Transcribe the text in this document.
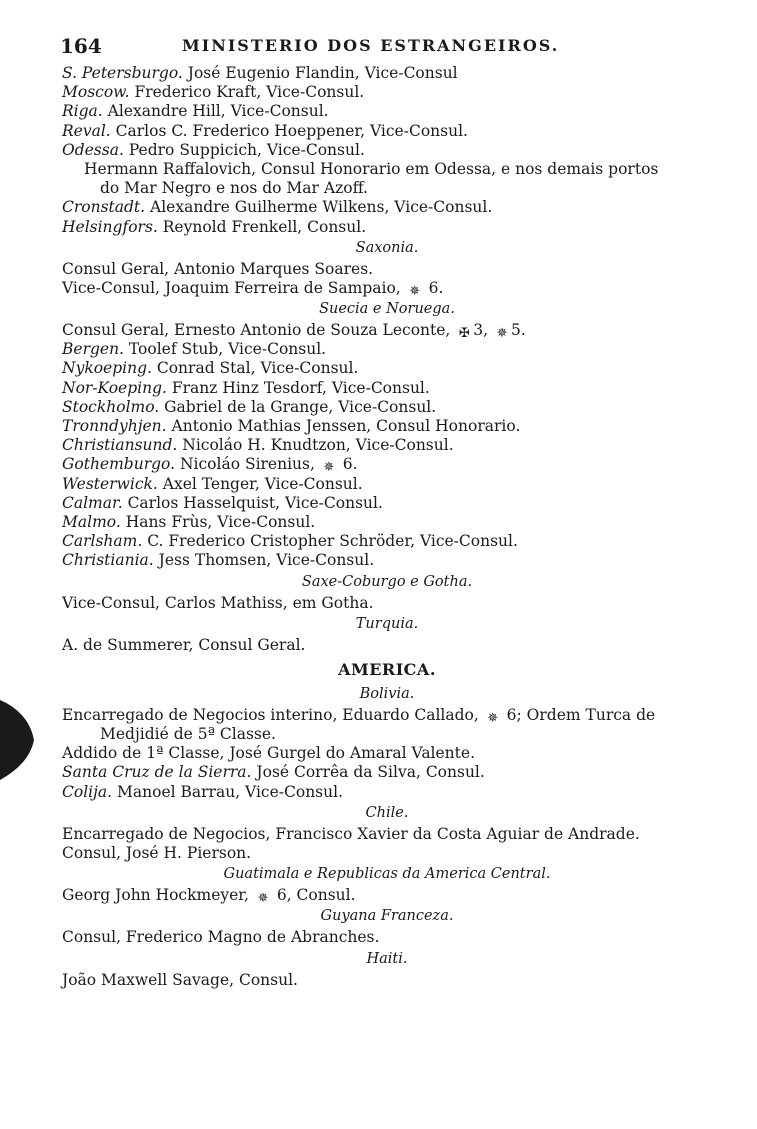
164	MINISTERIO DOS ESTRANGEIROS.
S. Petersburgo. José Eugenio Flandin, Vice-Consul
Moscow. Frederico Kraft, Vice-Consul.
Riga. Alexandre Hill, Vice-Consul.
Reval. Carlos C. Frederico Hoeppener, Vice-Consul.
Odessa. Pedro Suppicich, Vice-Consul.
Hermann Raffalovich, Consul Honorario em Odessa, e nos demais portos
do Mar Negro e nos do Mar Azoff.
Cronstadt. Alexandre Guilherme Wilkens, Vice-Consul.
Helsingfors. Reynold Frenkell, Consul.
Saxonia.
Consul Geral, Antonio Marques Soares.
Vice-Consul, Joaquim Ferreira de Sampaio, ✵ 6.
Suecia e Noruega.
Consul Geral, Ernesto Antonio de Souza Leconte, ✠ 3, ✵ 5.
Bergen. Toolef Stub, Vice-Consul.
Nykoeping. Conrad Stal, Vice-Consul.
Nor-Koeping. Franz Hinz Tesdorf, Vice-Consul.
Stockholmo. Gabriel de la Grange, Vice-Consul.
Tronndyhjen. Antonio Mathias Jenssen, Consul Honorario.
Christiansund. Nicoláo H. Knudtzon, Vice-Consul.
Gothemburgo. Nicoláo Sirenius, ✵ 6.
Westerwick. Axel Tenger, Vice-Consul.
Calmar. Carlos Hasselquist, Vice-Consul.
Malmo. Hans Frùs, Vice-Consul.
Carlsham. C. Frederico Cristopher Schröder, Vice-Consul.
Christiania. Jess Thomsen, Vice-Consul.
Saxe-Coburgo e Gotha.
Vice-Consul, Carlos Mathiss, em Gotha.
Turquia.
A. de Summerer, Consul Geral.
AMERICA.
Bolivia.
Encarregado de Negocios interino, Eduardo Callado, ✵ 6; Ordem Turca de
Medjidié de 5ª Classe.
Addido de 1ª Classe, José Gurgel do Amaral Valente.
Santa Cruz de la Sierra. José Corrêa da Silva, Consul.
Colija. Manoel Barrau, Vice-Consul.
Chile.
Encarregado de Negocios, Francisco Xavier da Costa Aguiar de Andrade.
Consul, José H. Pierson.
Guatimala e Republicas da America Central.
Georg John Hockmeyer, ✵ 6, Consul.
Guyana Franceza.
Consul, Frederico Magno de Abranches.
Haiti.
João Maxwell Savage, Consul.
